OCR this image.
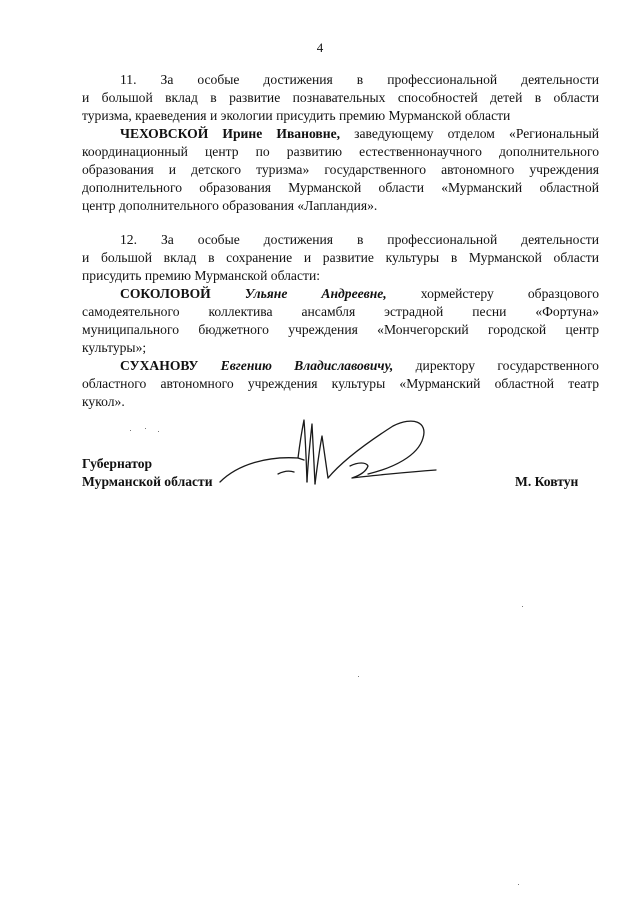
4
11. За особые достижения в профессиональной деятельности
и большой вклад в развитие познавательных способностей детей в области
туризма, краеведения и экологии присудить премию Мурманской области
ЧЕХОВСКОЙ Ирине Ивановне, заведующему отделом «Региональный
координационный центр по развитию естественнонаучного дополнительного
образования и детского туризма» государственного автономного учреждения
дополнительного образования Мурманской области «Мурманский областной
центр дополнительного образования «Лапландия».
12. За особые достижения в профессиональной деятельности
и большой вклад в сохранение и развитие культуры в Мурманской области
присудить премию Мурманской области:
СОКОЛОВОЙ	Ульяне Андреевне,	хормейстеру образцового
самодеятельного коллектива ансамбля эстрадной песни «Фортуна»
муниципального бюджетного учреждения «Мончегорский городской центр
культуры»;
СУХАНОВУ Евгению Владиславовичу, директору государственного
областного автономного учреждения культуры «Мурманский областной театр
кукол».
Губернатор
Мурманской области	М. Ковтун
